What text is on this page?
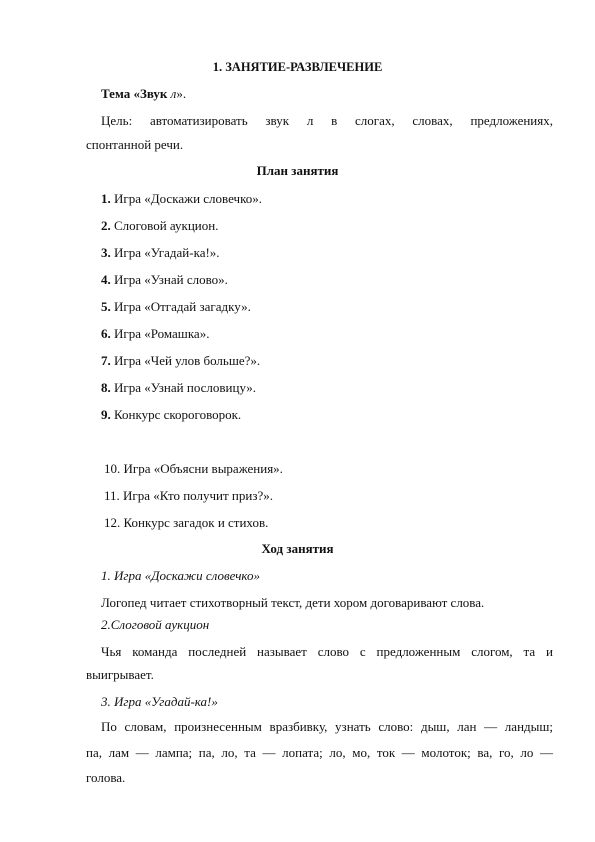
1. ЗАНЯТИЕ-РАЗВЛЕЧЕНИЕ
Тема «Звук л».
Цель: автоматизировать звук л в слогах, словах, предложениях,
спонтанной речи.
План занятия
1. Игра «Доскажи словечко».
2. Слоговой аукцион.
3. Игра «Угадай-ка!».
4. Игра «Узнай слово».
5. Игра «Отгадай загадку».
6. Игра «Ромашка».
7. Игра «Чей улов больше?».
8. Игра «Узнай пословицу».
9. Конкурс скороговорок.
10. Игра «Объясни выражения».
11. Игра «Кто получит приз?».
12. Конкурс загадок и стихов.
Ход занятия
1. Игра «Доскажи словечко»
Логопед читает стихотворный текст, дети хором договаривают слова.
2.Слоговой аукцион
Чья команда последней называет слово с предложенным слогом, та и
выигрывает.
3. Игра «Угадай-ка!»
По словам, произнесенным вразбивку, узнать слово: дыш, лан — ландыш;
па, лам — лампа; па, ло, та — лопата; ло, мо, ток — молоток; ва, го, ло —
голова.
